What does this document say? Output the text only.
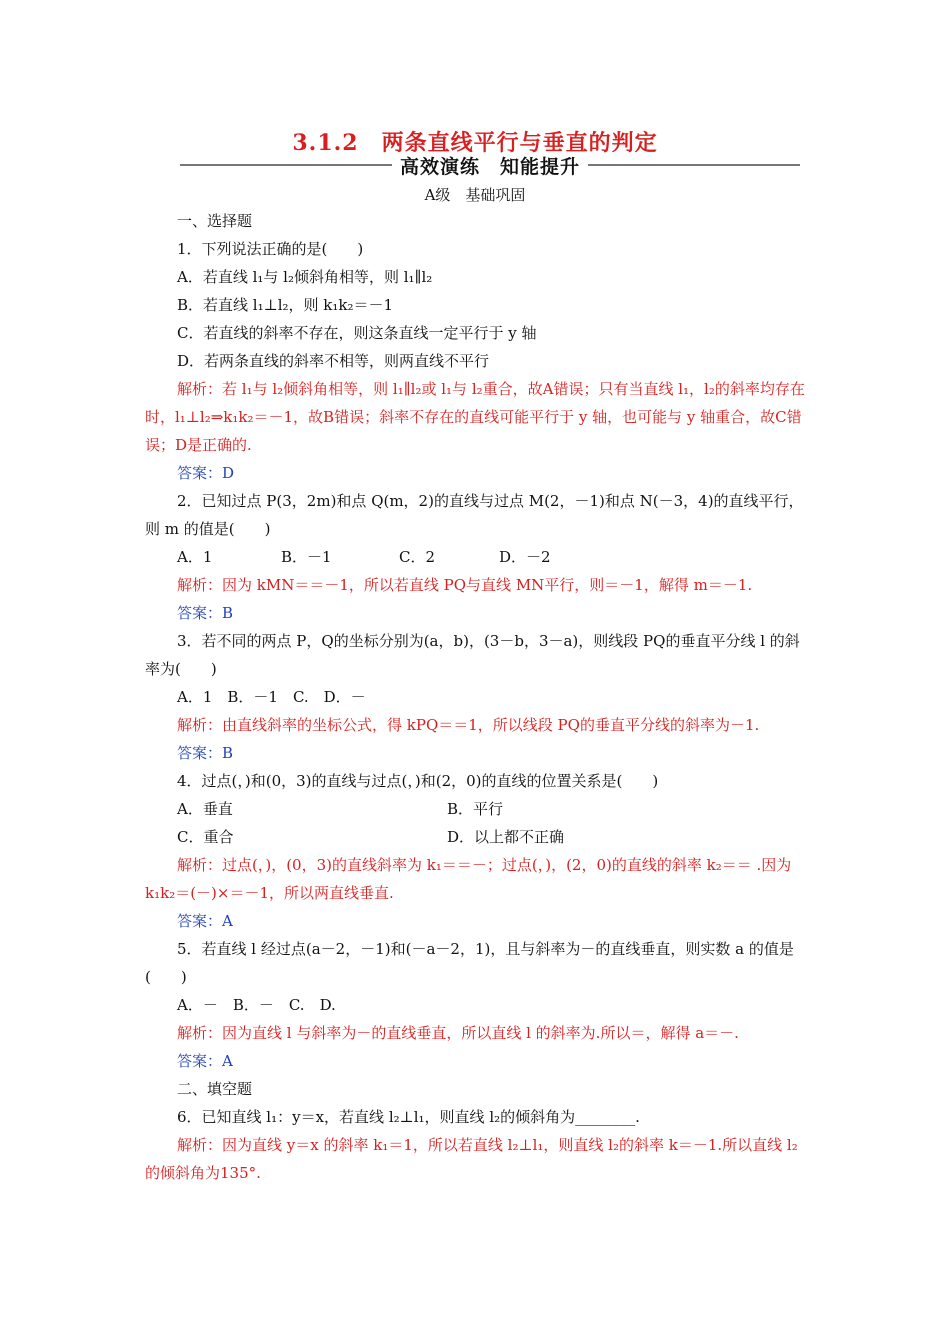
3.1.2　两条直线平行与垂直的判定
高效演练　知能提升
A级　基础巩固

一、选择题

1．下列说法正确的是(　　)

A．若直线 l₁与 l₂倾斜角相等，则 l₁∥l₂

B．若直线 l₁⊥l₂，则 k₁k₂＝－1

C．若直线的斜率不存在，则这条直线一定平行于 y 轴

D．若两条直线的斜率不相等，则两直线不平行

解析：若 l₁与 l₂倾斜角相等，则 l₁∥l₂或 l₁与 l₂重合，故A错误；只有当直线 l₁，l₂的斜率均存在时，l₁⊥l₂⇒k₁k₂＝－1，故B错误；斜率不存在的直线可能平行于 y 轴，也可能与 y 轴重合，故C错误；D是正确的.

答案：D

2．已知过点 P(3，2m)和点 Q(m，2)的直线与过点 M(2，－1)和点 N(－3，4)的直线平行，则 m 的值是(　　)

A．1	B．－1	C．2	D．－2

解析：因为 kMN＝＝－1，所以若直线 PQ与直线 MN平行，则＝－1，解得 m＝－1.

答案：B

3．若不同的两点 P，Q的坐标分别为(a，b)，(3－b，3－a)，则线段 PQ的垂直平分线 l 的斜率为(　　)

A．1　B．－1　C.　D．－

解析：由直线斜率的坐标公式，得 kPQ＝＝1，所以线段 PQ的垂直平分线的斜率为－1.

答案：B

4．过点(，)和(0，3)的直线与过点(，)和(2，0)的直线的位置关系是(　　)

A．垂直	B．平行
C．重合	D．以上都不正确

解析：过点(，)，(0，3)的直线斜率为 k₁＝＝－；过点(，)，(2，0)的直线的斜率 k₂＝＝ .因为 k₁k₂＝(－)×＝－1，所以两直线垂直.

答案：A

5．若直线 l 经过点(a－2，－1)和(－a－2，1)，且与斜率为－的直线垂直，则实数 a 的值是(　　)

A．－　B．－　C.　D.

解析：因为直线 l 与斜率为－的直线垂直，所以直线 l 的斜率为.所以＝，解得 a＝－.

答案：A

二、填空题

6．已知直线 l₁：y＝x，若直线 l₂⊥l₁，则直线 l₂的倾斜角为________.

解析：因为直线 y＝x 的斜率 k₁＝1，所以若直线 l₂⊥l₁，则直线 l₂的斜率 k＝－1.所以直线 l₂的倾斜角为135°.
